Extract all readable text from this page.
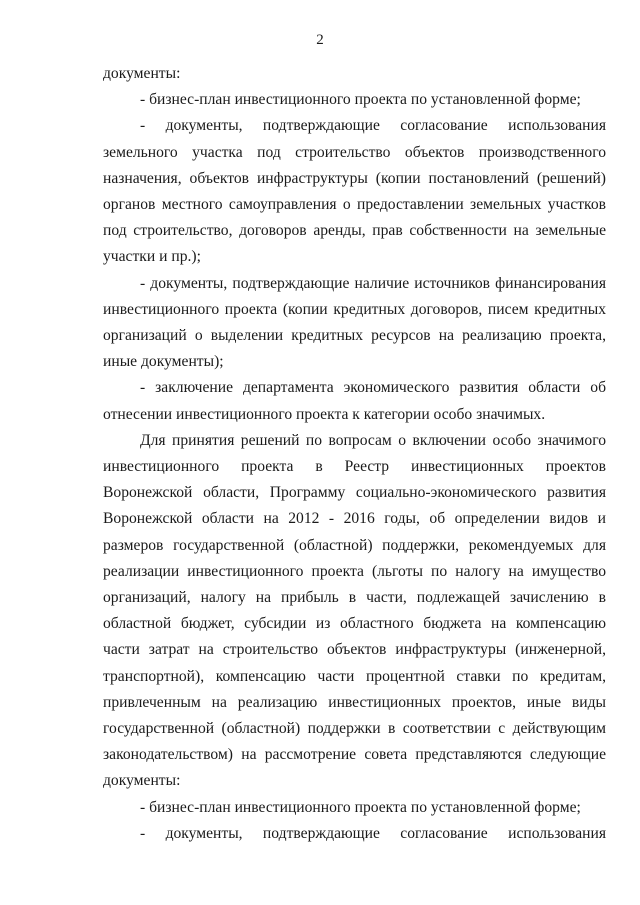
2

документы:

- бизнес-план инвестиционного проекта по установленной форме;

- документы, подтверждающие согласование использования земельного участка под строительство объектов производственного назначения, объектов инфраструктуры (копии постановлений (решений) органов местного самоуправления о предоставлении земельных участков под строительство, договоров аренды, прав собственности на земельные участки и пр.);

- документы, подтверждающие наличие источников финансирования инвестиционного проекта (копии кредитных договоров, писем кредитных организаций о выделении кредитных ресурсов на реализацию проекта, иные документы);

- заключение департамента экономического развития области об отнесении инвестиционного проекта к категории особо значимых.

Для принятия решений по вопросам о включении особо значимого инвестиционного проекта в Реестр инвестиционных проектов Воронежской области, Программу социально-экономического развития Воронежской области на 2012 - 2016 годы, об определении видов и размеров государственной (областной) поддержки, рекомендуемых для реализации инвестиционного проекта (льготы по налогу на имущество организаций, налогу на прибыль в части, подлежащей зачислению в областной бюджет, субсидии из областного бюджета на компенсацию части затрат на строительство объектов инфраструктуры (инженерной, транспортной), компенсацию части процентной ставки по кредитам, привлеченным на реализацию инвестиционных проектов, иные виды государственной (областной) поддержки в соответствии с действующим законодательством) на рассмотрение совета представляются следующие документы:

- бизнес-план инвестиционного проекта по установленной форме;

- документы, подтверждающие согласование использования
